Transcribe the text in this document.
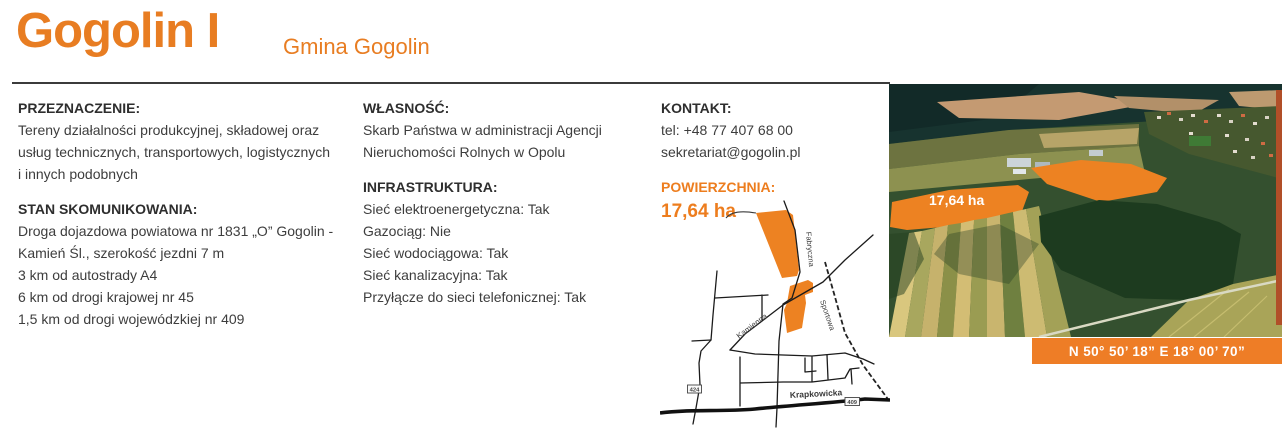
Gogolin I	Gmina Gogolin
PRZEZNACZENIE:
Tereny działalności produkcyjnej, składowej oraz
usług technicznych, transportowych, logistycznych
i innych podobnych
STAN SKOMUNIKOWANIA:
Droga dojazdowa powiatowa nr 1831 „O” Gogolin -
Kamień Śl., szerokość jezdni 7 m
3 km od autostrady A4
6 km od drogi krajowej nr 45
1,5 km od drogi wojewódzkiej nr 409
WŁASNOŚĆ:
Skarb Państwa w administracji Agencji
Nieruchomości Rolnych w Opolu
INFRASTRUKTURA:
Sieć elektroenergetyczna: Tak
Gazociąg: Nie
Sieć wodociągowa: Tak
Sieć kanalizacyjna: Tak
Przyłącze do sieci telefonicznej: Tak
KONTAKT:
tel: +48 77 407 68 00
sekretariat@gogolin.pl
POWIERZCHNIA:
17,64 ha
424
409
Fabryczna
Sportowa
Kamienna
Krapkowicka
17,64 ha
N 50° 50’ 18” E 18° 00’ 70”
